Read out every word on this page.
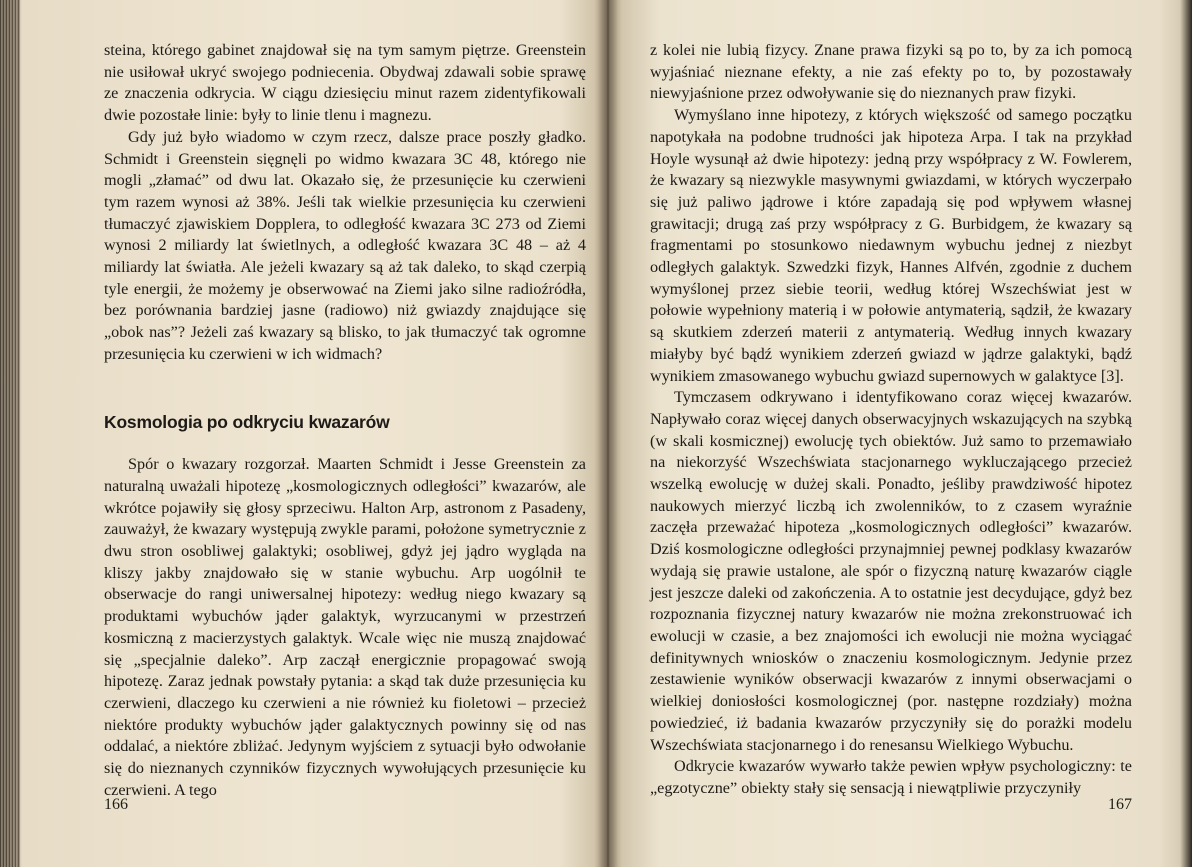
steina, którego gabinet znajdował się na tym samym piętrze. Greenstein nie usiłował ukryć swojego podniecenia. Obydwaj zdawali sobie sprawę ze znaczenia odkrycia. W ciągu dziesięciu minut razem zidentyfikowali dwie pozostałe linie: były to linie tlenu i magnezu.

Gdy już było wiadomo w czym rzecz, dalsze prace poszły gładko. Schmidt i Greenstein sięgnęli po widmo kwazara 3C 48, którego nie mogli „złamać” od dwu lat. Okazało się, że przesunięcie ku czerwieni tym razem wynosi aż 38%. Jeśli tak wielkie przesunięcia ku czerwieni tłumaczyć zjawiskiem Dopplera, to odległość kwazara 3C 273 od Ziemi wynosi 2 miliardy lat świetlnych, a odległość kwazara 3C 48 – aż 4 miliardy lat światła. Ale jeżeli kwazary są aż tak daleko, to skąd czerpią tyle energii, że możemy je obserwować na Ziemi jako silne radioźródła, bez porównania bardziej jasne (radiowo) niż gwiazdy znajdujące się „obok nas”? Jeżeli zaś kwazary są blisko, to jak tłumaczyć tak ogromne przesunięcia ku czerwieni w ich widmach?

Kosmologia po odkryciu kwazarów

Spór o kwazary rozgorzał. Maarten Schmidt i Jesse Greenstein za naturalną uważali hipotezę „kosmologicznych odległości” kwazarów, ale wkrótce pojawiły się głosy sprzeciwu. Halton Arp, astronom z Pasadeny, zauważył, że kwazary występują zwykle parami, położone symetrycznie z dwu stron osobliwej galaktyki; osobliwej, gdyż jej jądro wygląda na kliszy jakby znajdowało się w stanie wybuchu. Arp uogólnił te obserwacje do rangi uniwersalnej hipotezy: według niego kwazary są produktami wybuchów jąder galaktyk, wyrzucanymi w przestrzeń kosmiczną z macierzystych galaktyk. Wcale więc nie muszą znajdować się „specjalnie daleko”. Arp zaczął energicznie propagować swoją hipotezę. Zaraz jednak powstały pytania: a skąd tak duże przesunięcia ku czerwieni, dlaczego ku czerwieni a nie również ku fioletowi – przecież niektóre produkty wybuchów jąder galaktycznych powinny się od nas oddalać, a niektóre zbliżać. Jedynym wyjściem z sytuacji było odwołanie się do nieznanych czynników fizycznych wywołujących przesunięcie ku czerwieni. A tego

z kolei nie lubią fizycy. Znane prawa fizyki są po to, by za ich pomocą wyjaśniać nieznane efekty, a nie zaś efekty po to, by pozostawały niewyjaśnione przez odwoływanie się do nieznanych praw fizyki.

Wymyślano inne hipotezy, z których większość od samego początku napotykała na podobne trudności jak hipoteza Arpa. I tak na przykład Hoyle wysunął aż dwie hipotezy: jedną przy współpracy z W. Fowlerem, że kwazary są niezwykle masywnymi gwiazdami, w których wyczerpało się już paliwo jądrowe i które zapadają się pod wpływem własnej grawitacji; drugą zaś przy współpracy z G. Burbidgem, że kwazary są fragmentami po stosunkowo niedawnym wybuchu jednej z niezbyt odległych galaktyk. Szwedzki fizyk, Hannes Alfvén, zgodnie z duchem wymyślonej przez siebie teorii, według której Wszechświat jest w połowie wypełniony materią i w połowie antymaterią, sądził, że kwazary są skutkiem zderzeń materii z antymaterią. Według innych kwazary miałyby być bądź wynikiem zderzeń gwiazd w jądrze galaktyki, bądź wynikiem zmasowanego wybuchu gwiazd supernowych w galaktyce [3].

Tymczasem odkrywano i identyfikowano coraz więcej kwazarów. Napływało coraz więcej danych obserwacyjnych wskazujących na szybką (w skali kosmicznej) ewolucję tych obiektów. Już samo to przemawiało na niekorzyść Wszechświata stacjonarnego wykluczającego przecież wszelką ewolucję w dużej skali. Ponadto, jeśliby prawdziwość hipotez naukowych mierzyć liczbą ich zwolenników, to z czasem wyraźnie zaczęła przeważać hipoteza „kosmologicznych odległości” kwazarów. Dziś kosmologiczne odległości przynajmniej pewnej podklasy kwazarów wydają się prawie ustalone, ale spór o fizyczną naturę kwazarów ciągle jest jeszcze daleki od zakończenia. A to ostatnie jest decydujące, gdyż bez rozpoznania fizycznej natury kwazarów nie można zrekonstruować ich ewolucji w czasie, a bez znajomości ich ewolucji nie można wyciągać definitywnych wniosków o znaczeniu kosmologicznym. Jedynie przez zestawienie wyników obserwacji kwazarów z innymi obserwacjami o wielkiej doniosłości kosmologicznej (por. następne rozdziały) można powiedzieć, iż badania kwazarów przyczyniły się do porażki modelu Wszechświata stacjonarnego i do renesansu Wielkiego Wybuchu.

Odkrycie kwazarów wywarło także pewien wpływ psychologiczny: te „egzotyczne” obiekty stały się sensacją i niewątpliwie przyczyniły

166	167
